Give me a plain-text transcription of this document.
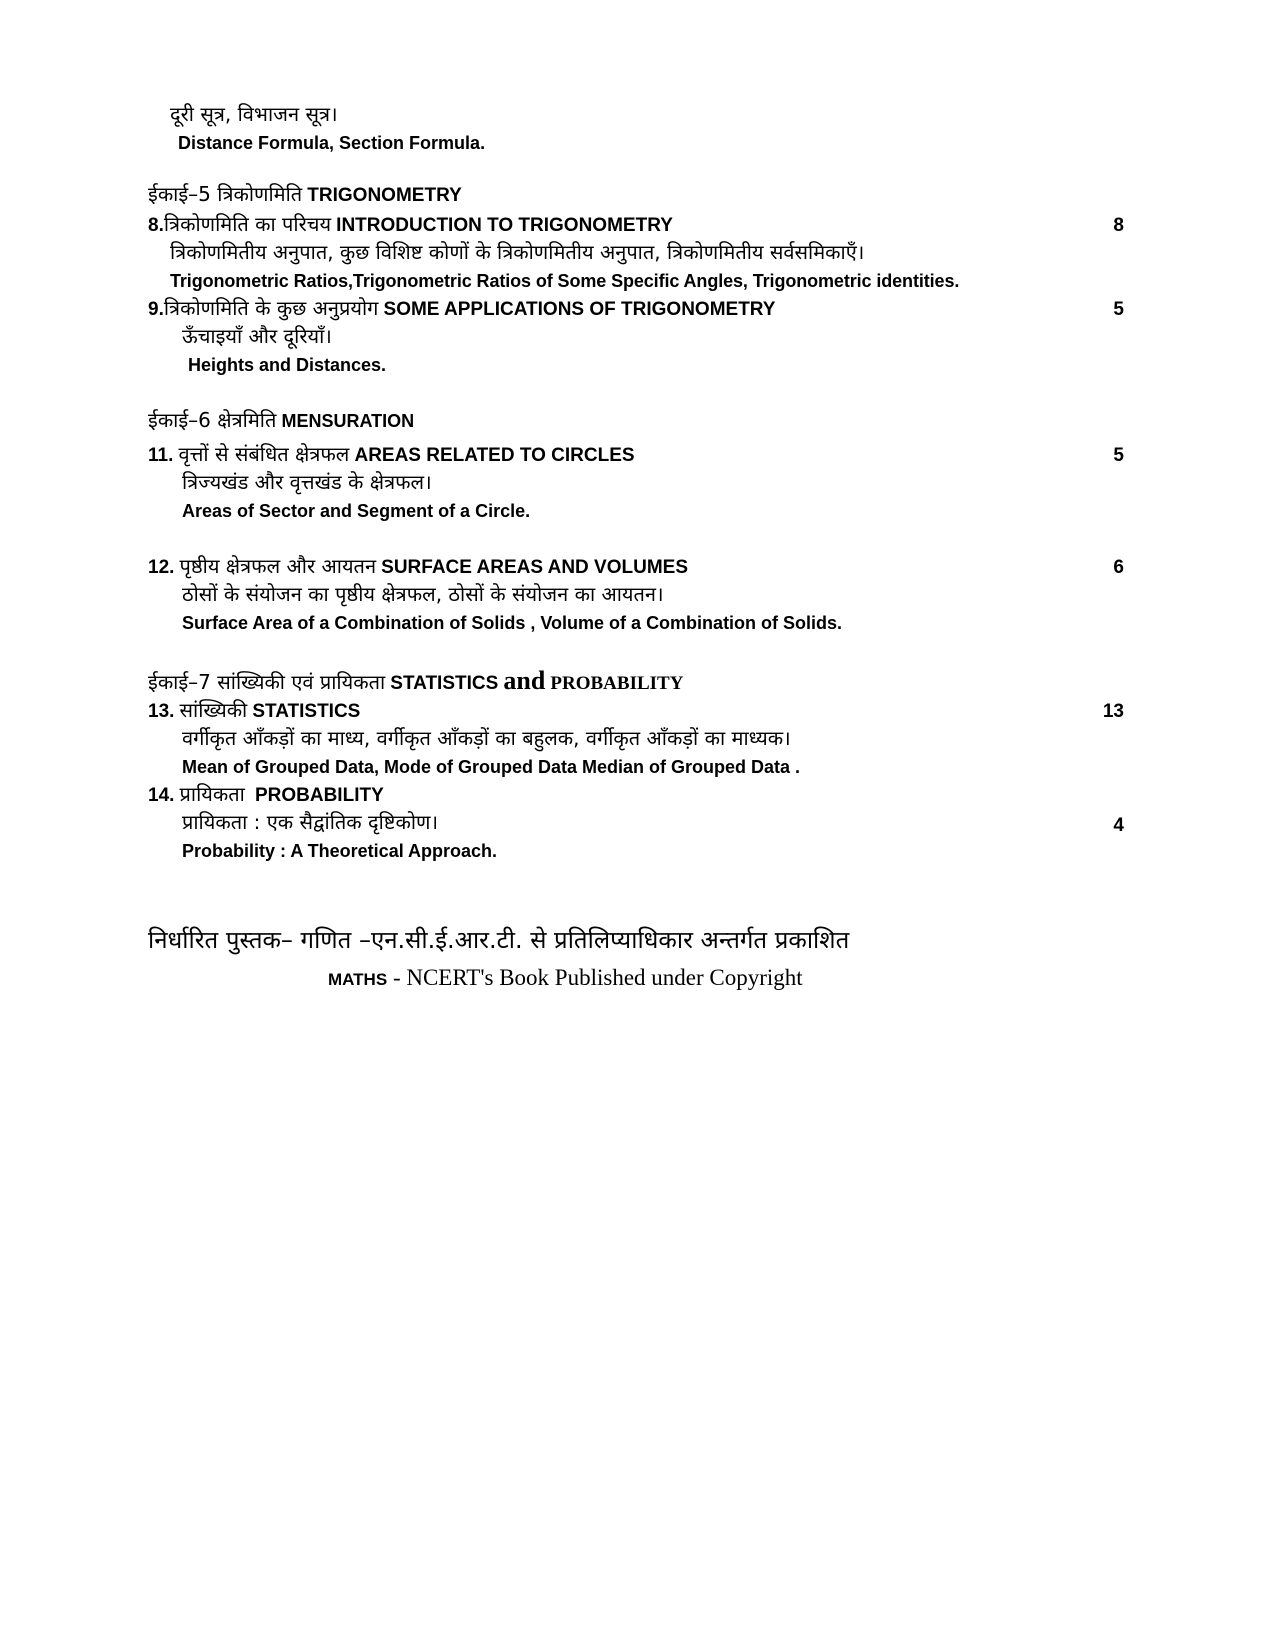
दूरी सूत्र, विभाजन सूत्र।
Distance Formula, Section Formula.
ईकाई–5 त्रिकोणमिति TRIGONOMETRY
8.त्रिकोणमिति का परिचय INTRODUCTION TO TRIGONOMETRY	8
त्रिकोणमितीय अनुपात, कुछ विशिष्ट कोणों के त्रिकोणमितीय अनुपात, त्रिकोणमितीय सर्वसमिकाएँ।
Trigonometric Ratios,Trigonometric Ratios of Some Specific Angles, Trigonometric identities.
9.त्रिकोणमिति के कुछ अनुप्रयोग SOME APPLICATIONS OF TRIGONOMETRY	5
ऊँचाइयाँ और दूरियाँ।
Heights and Distances.
ईकाई–6 क्षेत्रमिति MENSURATION
11. वृत्तों से संबंधित क्षेत्रफल AREAS RELATED TO CIRCLES	5
त्रिज्यखंड और वृत्तखंड के क्षेत्रफल।
Areas of Sector and Segment of a Circle.
12. पृष्ठीय क्षेत्रफल और आयतन SURFACE AREAS AND VOLUMES	6
ठोसों के संयोजन का पृष्ठीय क्षेत्रफल, ठोसों के संयोजन का आयतन।
Surface Area of a Combination of Solids , Volume of a Combination of Solids.
ईकाई–7 सांख्यिकी एवं प्रायिकता STATISTICS and PROBABILITY
13. सांख्यिकी STATISTICS	13
वर्गीकृत आँकड़ों का माध्य, वर्गीकृत आँकड़ों का बहुलक, वर्गीकृत आँकड़ों का माध्यक।
Mean of Grouped Data, Mode of Grouped Data Median of Grouped Data .
14. प्रायिकता PROBABILITY
प्रायिकता : एक सैद्वांतिक दृष्टिकोण।	4
Probability : A Theoretical Approach.
निर्धारित पुस्तक– गणित –एन.सी.ई.आर.टी. से प्रतिलिप्याधिकार अन्तर्गत प्रकाशित
MATHS - NCERT's Book Published under Copyright
